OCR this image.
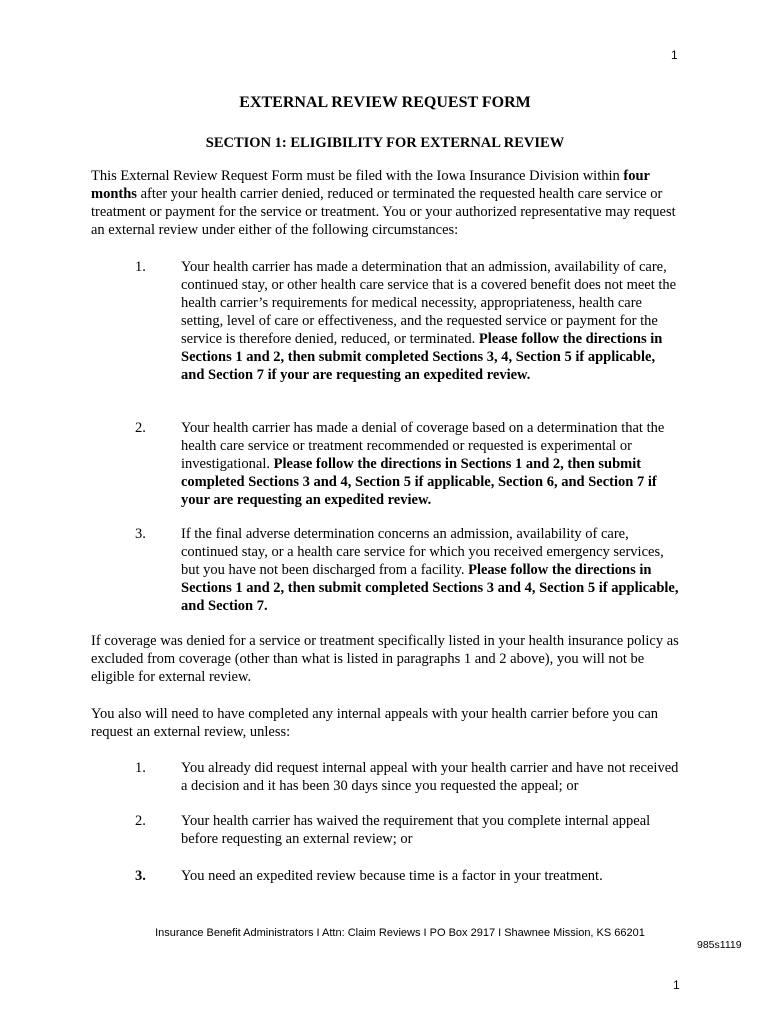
1
EXTERNAL REVIEW REQUEST FORM
SECTION 1: ELIGIBILITY FOR EXTERNAL REVIEW

This External Review Request Form must be filed with the Iowa Insurance Division within four months after your health carrier denied, reduced or terminated the requested health care service or treatment or payment for the service or treatment. You or your authorized representative may request an external review under either of the following circumstances:

1. Your health carrier has made a determination that an admission, availability of care, continued stay, or other health care service that is a covered benefit does not meet the health carrier’s requirements for medical necessity, appropriateness, health care setting, level of care or effectiveness, and the requested service or payment for the service is therefore denied, reduced, or terminated. Please follow the directions in Sections 1 and 2, then submit completed Sections 3, 4, Section 5 if applicable, and Section 7 if your are requesting an expedited review.
2. Your health carrier has made a denial of coverage based on a determination that the health care service or treatment recommended or requested is experimental or investigational. Please follow the directions in Sections 1 and 2, then submit completed Sections 3 and 4, Section 5 if applicable, Section 6, and Section 7 if your are requesting an expedited review.
3. If the final adverse determination concerns an admission, availability of care, continued stay, or a health care service for which you received emergency services, but you have not been discharged from a facility. Please follow the directions in Sections 1 and 2, then submit completed Sections 3 and 4, Section 5 if applicable, and Section 7.

If coverage was denied for a service or treatment specifically listed in your health insurance policy as excluded from coverage (other than what is listed in paragraphs 1 and 2 above), you will not be eligible for external review.

You also will need to have completed any internal appeals with your health carrier before you can request an external review, unless:

1. You already did request internal appeal with your health carrier and have not received a decision and it has been 30 days since you requested the appeal; or
2. Your health carrier has waived the requirement that you complete internal appeal before requesting an external review; or
3. You need an expedited review because time is a factor in your treatment.
Insurance Benefit Administrators I Attn: Claim Reviews I PO Box 2917 I Shawnee Mission, KS 66201
985s1119
1
